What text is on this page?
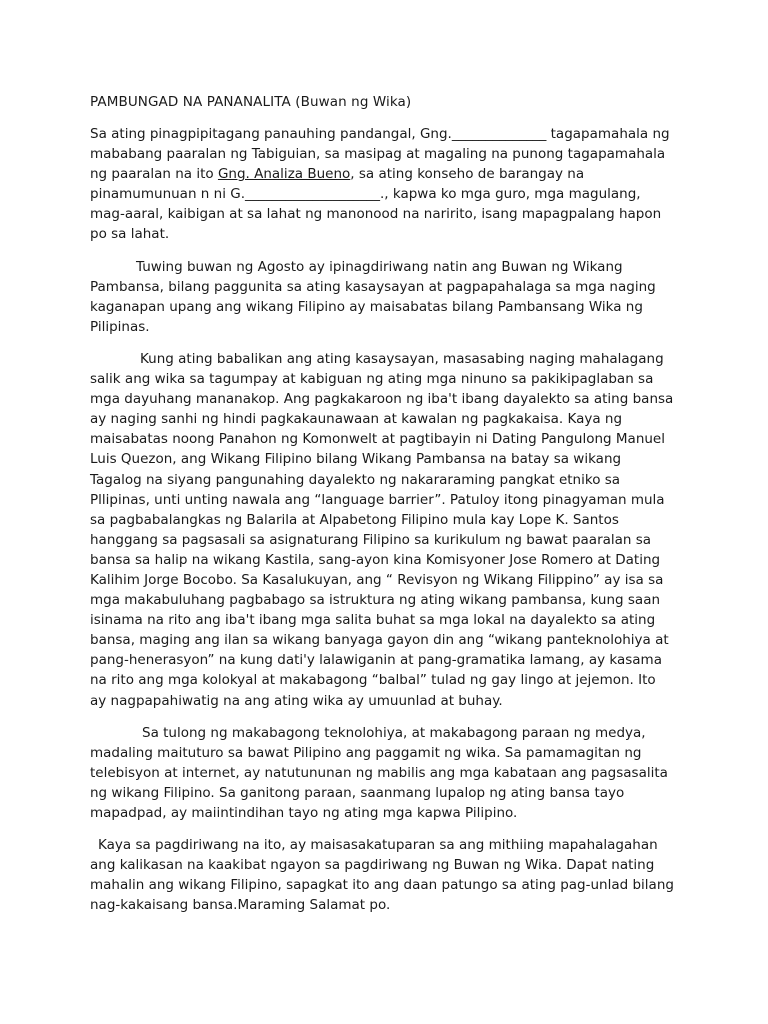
PAMBUNGAD NA PANANALITA (Buwan ng Wika)

Sa ating pinagpipitagang panauhing pandangal, Gng.______________ tagapamahala ng mababang paaralan ng Tabiguian, sa masipag at magaling na punong tagapamahala ng paaralan na ito Gng. Analiza Bueno, sa ating konseho de barangay na pinamumunuan n ni G.____________________., kapwa ko mga guro, mga magulang, mag-aaral, kaibigan at sa lahat ng manonood na naririto, isang mapagpalang hapon po sa lahat.

Tuwing buwan ng Agosto ay ipinagdiriwang natin ang Buwan ng Wikang Pambansa, bilang paggunita sa ating kasaysayan at pagpapahalaga sa mga naging kaganapan upang ang wikang Filipino ay maisabatas bilang Pambansang Wika ng Pilipinas.

Kung ating babalikan ang ating kasaysayan, masasabing naging mahalagang salik ang wika sa tagumpay at kabiguan ng ating mga ninuno sa pakikipaglaban sa mga dayuhang mananakop. Ang pagkakaroon ng iba't ibang dayalekto sa ating bansa ay naging sanhi ng hindi pagkakaunawaan at kawalan ng pagkakaisa. Kaya ng maisabatas noong Panahon ng Komonwelt at pagtibayin ni Dating Pangulong Manuel Luis Quezon, ang Wikang Filipino bilang Wikang Pambansa na batay sa wikang Tagalog na siyang pangunahing dayalekto ng nakararaming pangkat etniko sa Pllipinas, unti unting nawala ang “language barrier”. Patuloy itong pinagyaman mula sa pagbabalangkas ng Balarila at Alpabetong Filipino mula kay Lope K. Santos hanggang sa pagsasali sa asignaturang Filipino sa kurikulum ng bawat paaralan sa bansa sa halip na wikang Kastila, sang-ayon kina Komisyoner Jose Romero at Dating Kalihim Jorge Bocobo. Sa Kasalukuyan, ang “ Revisyon ng Wikang Filippino” ay isa sa mga makabuluhang pagbabago sa istruktura ng ating wikang pambansa, kung saan isinama na rito ang iba't ibang mga salita buhat sa mga lokal na dayalekto sa ating bansa, maging ang ilan sa wikang banyaga gayon din ang “wikang panteknolohiya at pang-henerasyon” na kung dati'y lalawiganin at pang-gramatika lamang, ay kasama na rito ang mga kolokyal at makabagong “balbal” tulad ng gay lingo at jejemon. Ito ay nagpapahiwatig na ang ating wika ay umuunlad at buhay.

Sa tulong ng makabagong teknolohiya, at makabagong paraan ng medya, madaling maituturo sa bawat Pilipino ang paggamit ng wika. Sa pamamagitan ng telebisyon at internet, ay natutununan ng mabilis ang mga kabataan ang pagsasalita ng wikang Filipino. Sa ganitong paraan, saanmang lupalop ng ating bansa tayo mapadpad, ay maiintindihan tayo ng ating mga kapwa Pilipino.

Kaya sa pagdiriwang na ito, ay maisasakatuparan sa ang mithiing mapahalagahan ang kalikasan na kaakibat ngayon sa pagdiriwang ng Buwan ng Wika. Dapat nating mahalin ang wikang Filipino, sapagkat ito ang daan patungo sa ating pag-unlad bilang nag-kakaisang bansa.Maraming Salamat po.
